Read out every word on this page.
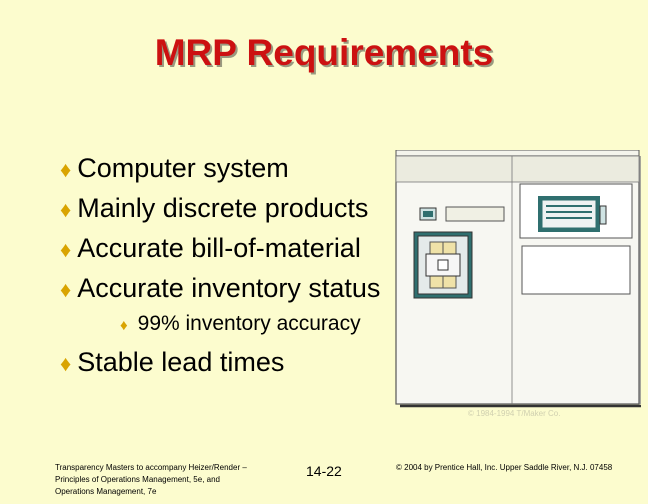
MRP Requirements
♦ Computer system
♦ Mainly discrete products
♦ Accurate bill-of-material
♦ Accurate inventory status
♦ 99% inventory accuracy
♦ Stable lead times
© 1984-1994 T/Maker Co.
Transparency Masters to accompany Heizer/Render – Principles of Operations Management, 5e, and Operations Management, 7e
14-22	© 2004 by Prentice Hall, Inc. Upper Saddle River, N.J. 07458
